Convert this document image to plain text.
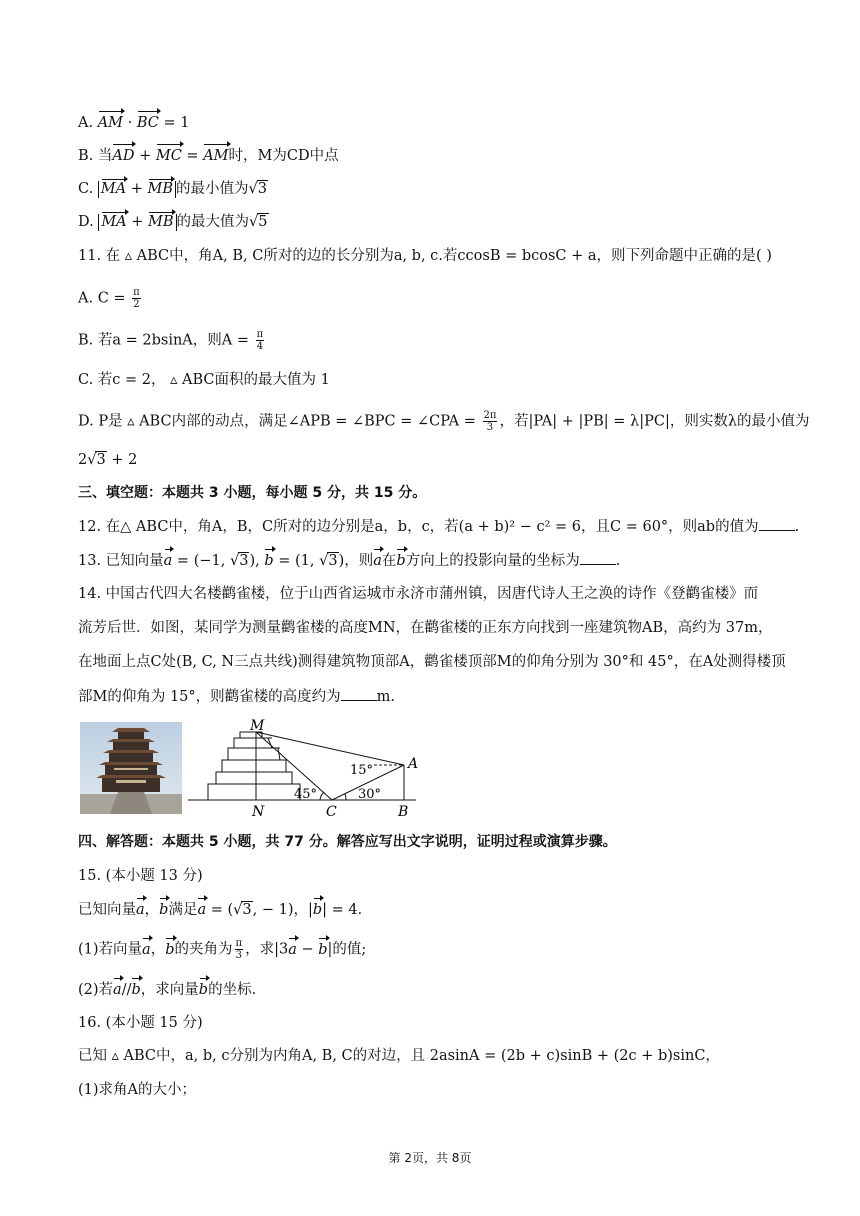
A. AM · BC = 1
B. 当AD + MC = AM时，M为CD中点
C. MA + MB 的最小值为√3
D. MA + MB 的最大值为√5
11. 在 ▵ ABC中，角A, B, C所对的边的长分别为a, b, c.若ccosB = bcosC + a，则下列命题中正确的是( )
A. $C = \frac{\pi}{2}$
B. 若a = 2bsinA，则$A = \frac{\pi}{4}$
C. 若c = 2， ▵ ABC面积的最大值为 1
D. P是 ▵ ABC内部的动点，满足∠APB = ∠BPC = ∠CPA = $\frac{2\pi}{3}$ ，若|PA| + |PB| = λ|PC|，则实数λ的最小值为
2√3 + 2
三、填空题：本题共 3 小题，每小题 5 分，共 15 分。
12. 在△ ABC中，角A，B，C所对的边分别是a，b，c，若(a + b)² − c² = 6，且C = 60°，则ab的值为 .
13. 已知向量a = (−1, √3), b = (1, √3)，则a在b方向上的投影向量的坐标为 .
14. 中国古代四大名楼鹳雀楼，位于山西省运城市永济市蒲州镇，因唐代诗人王之涣的诗作《登鹳雀楼》而
流芳后世．如图，某同学为测量鹳雀楼的高度MN，在鹳雀楼的正东方向找到一座建筑物AB，高约为 37m，
在地面上点C处(B, C, N三点共线)测得建筑物顶部A，鹳雀楼顶部M的仰角分别为 30°和 45°，在A处测得楼顶
部M的仰角为 15°，则鹳雀楼的高度约为 m.
M
A
N	C	B
15°
45°	30°
四、解答题：本题共 5 小题，共 77 分。解答应写出文字说明，证明过程或演算步骤。
15. (本小题 13 分)
已知向量a，b满足a = (√3, − 1)，|b| = 4．
(1)若向量a，b的夹角为 $\frac{\pi}{3}$ ，求|3a − b|的值;
(2)若a//b，求向量b的坐标．
16. (本小题 15 分)
已知 ▵ ABC中，a, b, c分别为内角A, B, C的对边，且 2asinA = (2b + c)sinB + (2c + b)sinC，
(1)求角A的大小；
第 2页，共 8页
